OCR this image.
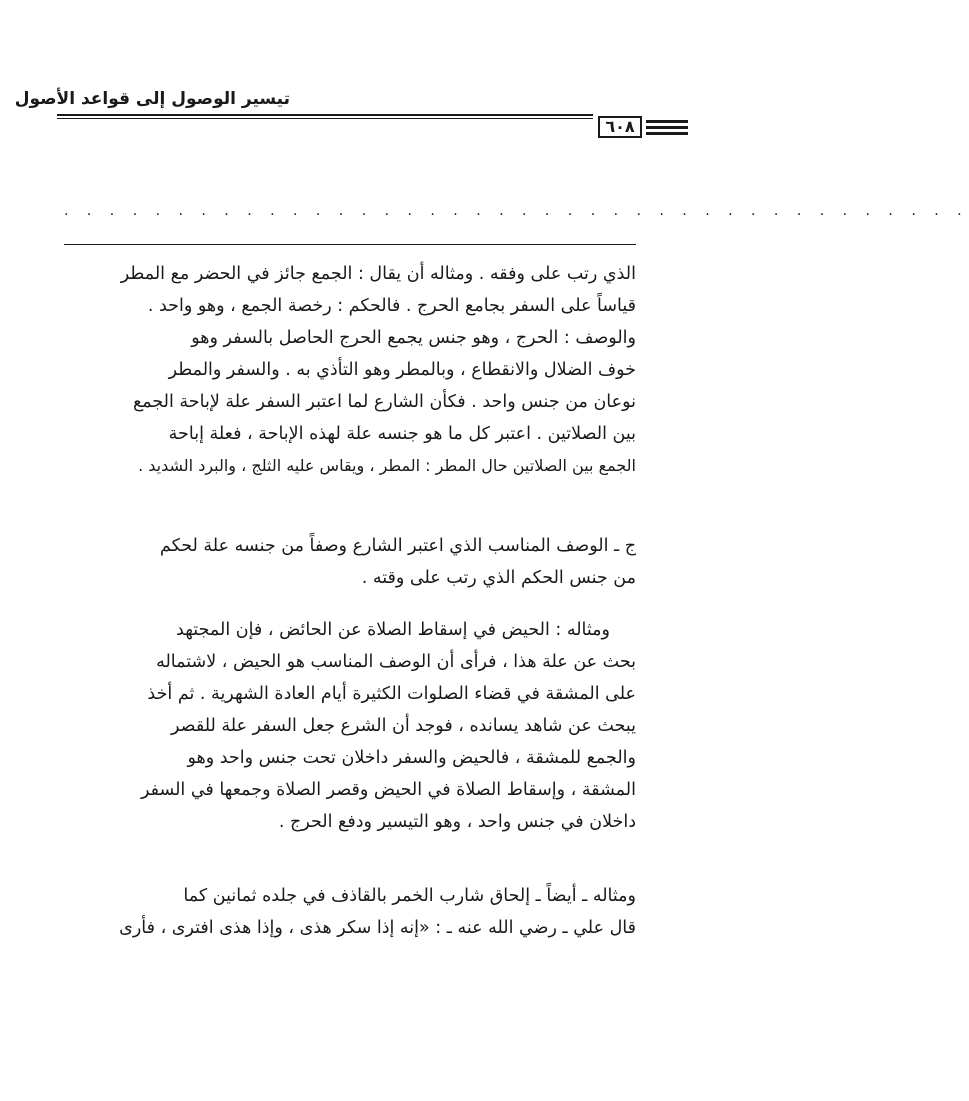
تيسير الوصول إلى قواعد الأصول
٦٠٨
. . . . . . . . . . . . . . . . . . . . . . . . . . . . . . . . . . . . . . . .

الذي رتب على وفقه . ومثاله أن يقال : الجمع جائز في الحضر مع المطر

قياساً على السفر بجامع الحرج . فالحكم : رخصة الجمع ، وهو واحد .

والوصف : الحرج ، وهو جنس يجمع الحرج الحاصل بالسفر وهو

خوف الضلال والانقطاع ، وبالمطر وهو التأذي به . والسفر والمطر

نوعان من جنس واحد . فكأن الشارع لما اعتبر السفر علة لإباحة الجمع

بين الصلاتين . اعتبر كل ما هو جنسه علة لهذه الإباحة ، فعلة إباحة

الجمع بين الصلاتين حال المطر : المطر ، ويقاس عليه الثلج ، والبرد الشديد .

ج ـ الوصف المناسب الذي اعتبر الشارع وصفاً من جنسه علة لحكم

من جنس الحكم الذي رتب على وقته .

ومثاله : الحيض في إسقاط الصلاة عن الحائض ، فإن المجتهد

بحث عن علة هذا ، فرأى أن الوصف المناسب هو الحيض ، لاشتماله

على المشقة في قضاء الصلوات الكثيرة أيام العادة الشهرية . ثم أخذ

يبحث عن شاهد يسانده ، فوجد أن الشرع جعل السفر علة للقصر

والجمع للمشقة ، فالحيض والسفر داخلان تحت جنس واحد وهو

المشقة ، وإسقاط الصلاة في الحيض وقصر الصلاة وجمعها في السفر

داخلان في جنس واحد ، وهو التيسير ودفع الحرج .

ومثاله ـ أيضاً ـ إلحاق شارب الخمر بالقاذف في جلده ثمانين كما

قال علي ـ رضي الله عنه ـ : «إنه إذا سكر هذى ، وإذا هذى افترى ، فأرى
